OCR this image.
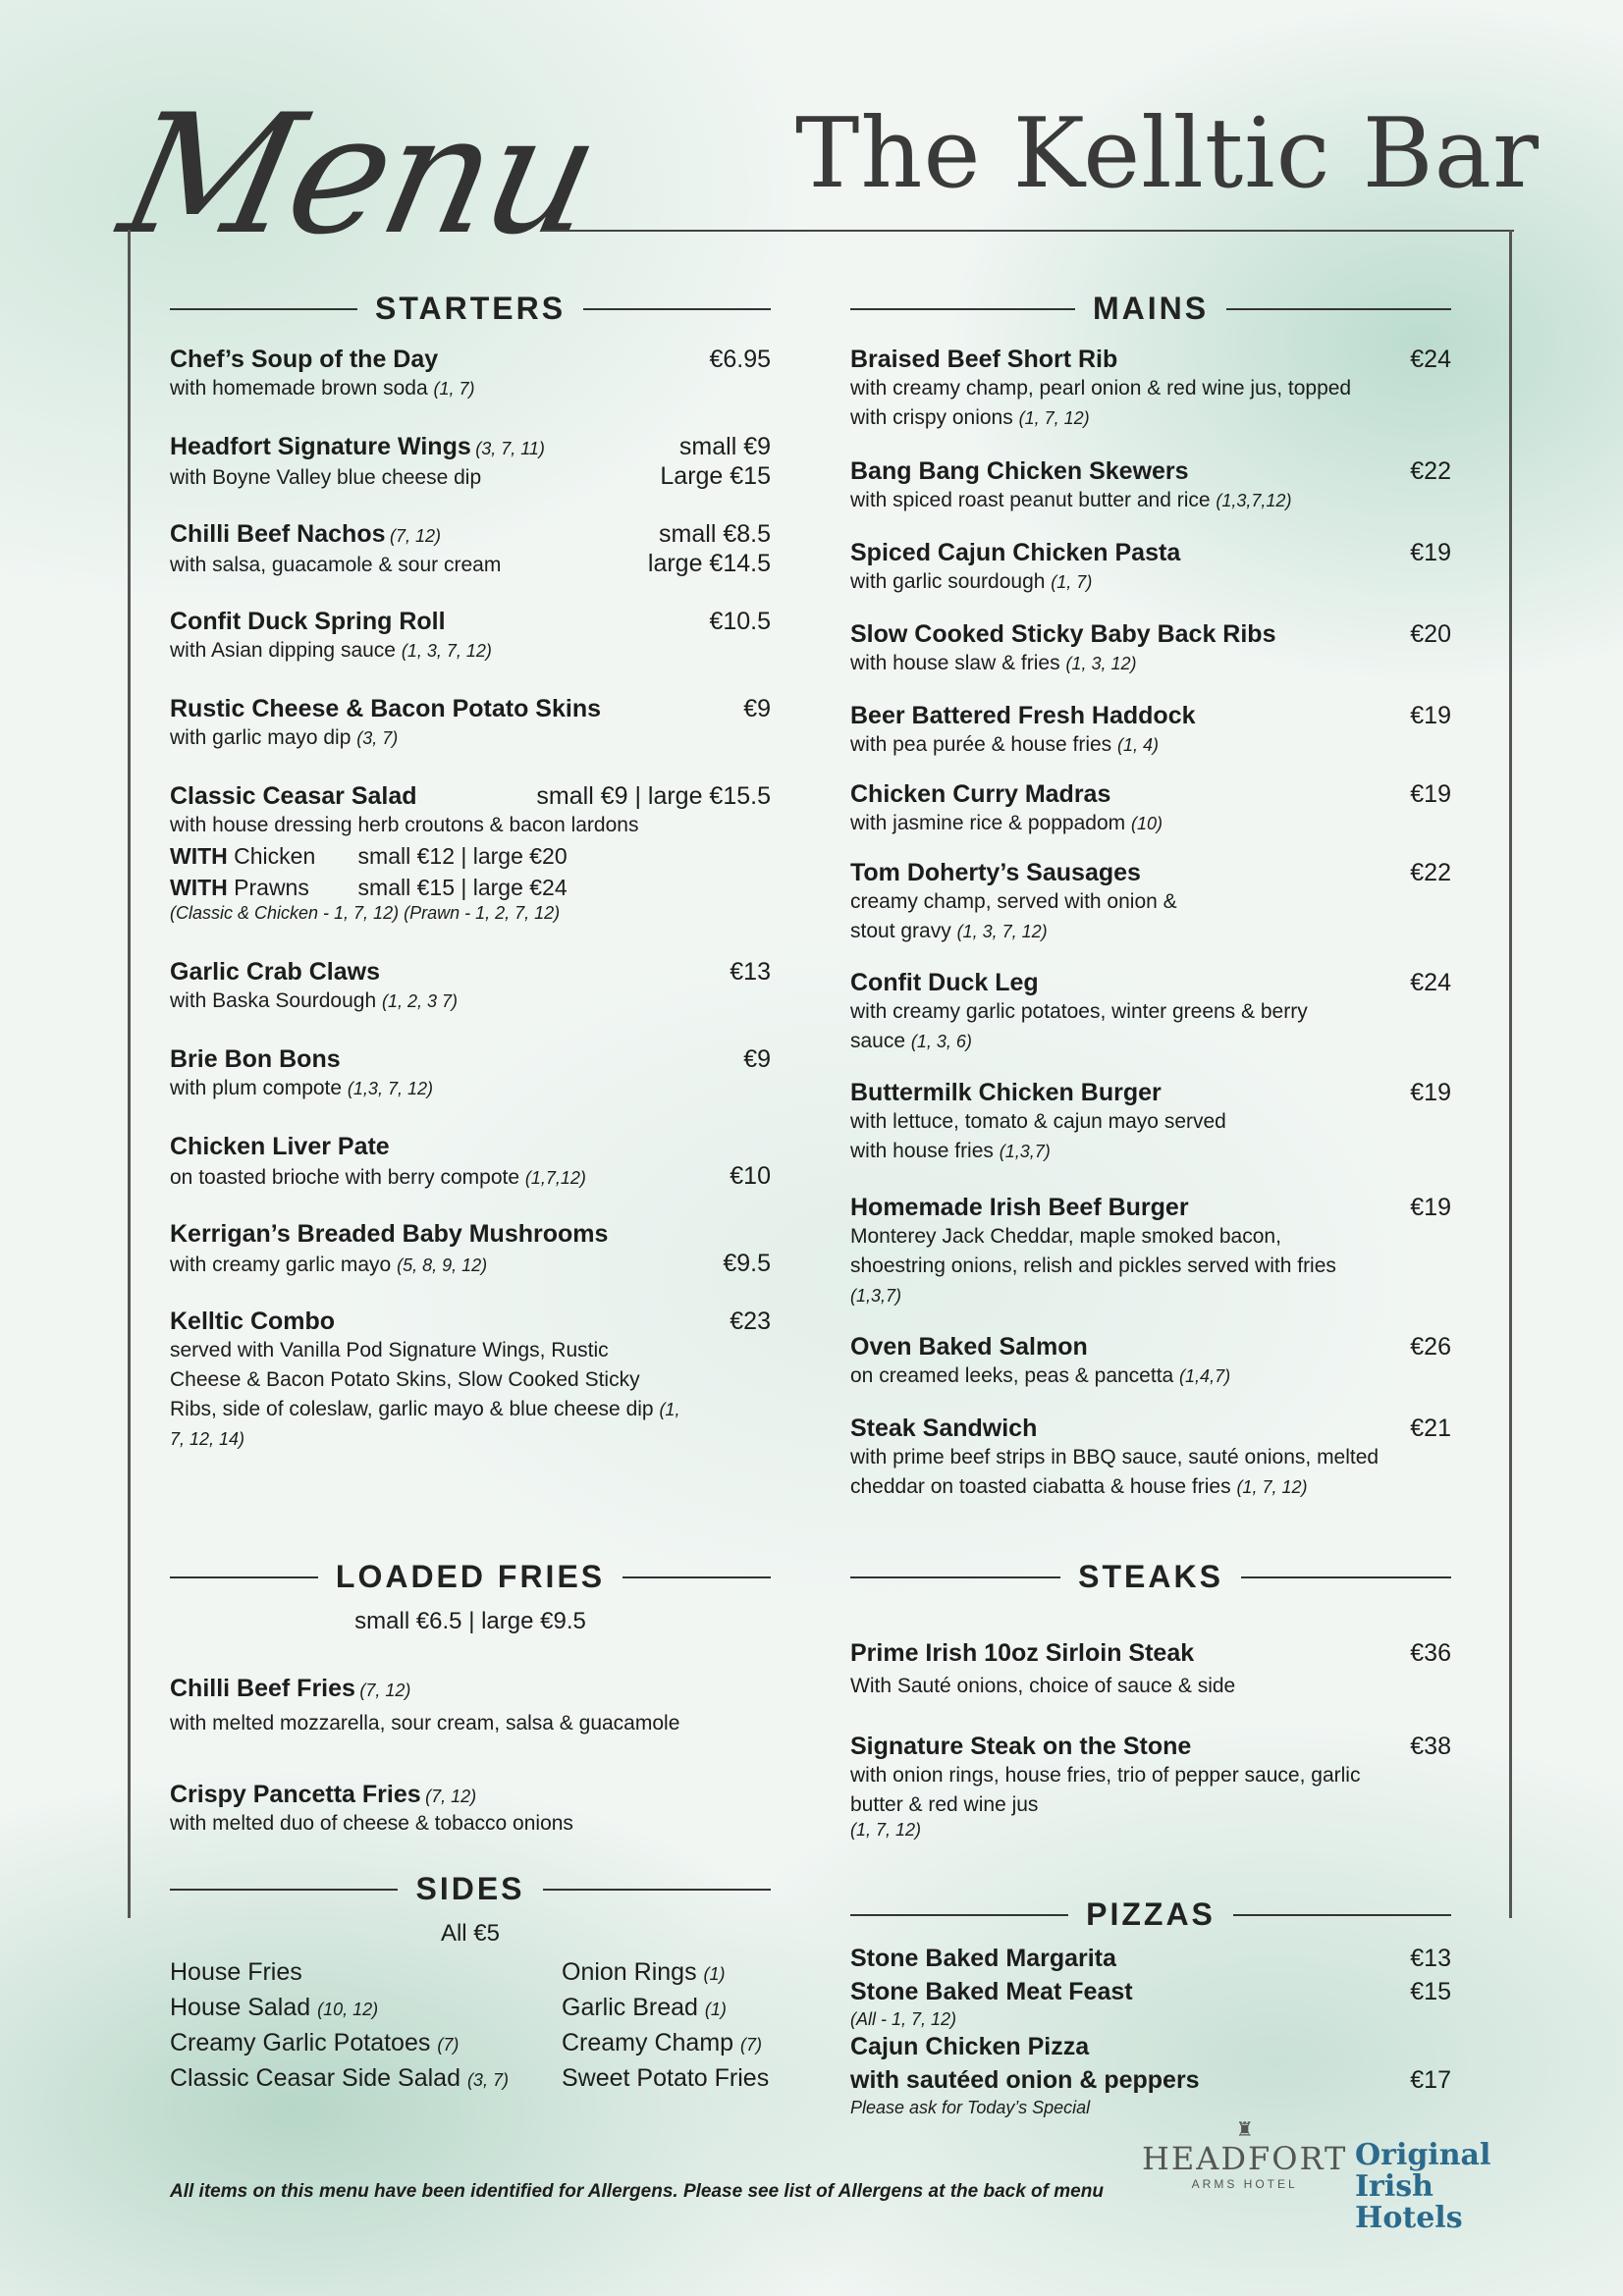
Menu The Kelltic Bar
STARTERS
Chef’s Soup of the Day	€6.95
with homemade brown soda (1, 7)
Headfort Signature Wings (3, 7, 11)	small €9
with Boyne Valley blue cheese dip	Large €15
Chilli Beef Nachos (7, 12)	small €8.5
with salsa, guacamole & sour cream	large €14.5
Confit Duck Spring Roll	€10.5
with Asian dipping sauce (1, 3, 7, 12)
Rustic Cheese & Bacon Potato Skins	€9
with garlic mayo dip (3, 7)
Classic Ceasar Salad	small €9 | large €15.5
with house dressing herb croutons & bacon lardons
WITH Chicken small €12 | large €20
WITH Prawns small €15 | large €24
(Classic & Chicken - 1, 7, 12) (Prawn - 1, 2, 7, 12)
Garlic Crab Claws	€13
with Baska Sourdough (1, 2, 3 7)
Brie Bon Bons	€9
with plum compote (1,3, 7, 12)
Chicken Liver Pate
on toasted brioche with berry compote (1,7,12)	€10
Kerrigan’s Breaded Baby Mushrooms
with creamy garlic mayo (5, 8, 9, 12)	€9.5
Kelltic Combo	€23
served with Vanilla Pod Signature Wings, Rustic Cheese & Bacon Potato Skins, Slow Cooked Sticky Ribs, side of coleslaw, garlic mayo & blue cheese dip (1, 7, 12, 14)
LOADED FRIES
small €6.5 | large €9.5
Chilli Beef Fries (7, 12)
with melted mozzarella, sour cream, salsa & guacamole
Crispy Pancetta Fries (7, 12)
with melted duo of cheese & tobacco onions
SIDES
All €5
House Fries
House Salad (10, 12)
Creamy Garlic Potatoes (7)
Classic Ceasar Side Salad (3, 7)
Onion Rings (1)
Garlic Bread (1)
Creamy Champ (7)
Sweet Potato Fries
MAINS
Braised Beef Short Rib	€24
with creamy champ, pearl onion & red wine jus, topped with crispy onions (1, 7, 12)
Bang Bang Chicken Skewers	€22
with spiced roast peanut butter and rice (1,3,7,12)
Spiced Cajun Chicken Pasta	€19
with garlic sourdough (1, 7)
Slow Cooked Sticky Baby Back Ribs	€20
with house slaw & fries (1, 3, 12)
Beer Battered Fresh Haddock	€19
with pea purée & house fries (1, 4)
Chicken Curry Madras	€19
with jasmine rice & poppadom (10)
Tom Doherty’s Sausages	€22
creamy champ, served with onion & stout gravy (1, 3, 7, 12)
Confit Duck Leg	€24
with creamy garlic potatoes, winter greens & berry sauce (1, 3, 6)
Buttermilk Chicken Burger	€19
with lettuce, tomato & cajun mayo served with house fries (1,3,7)
Homemade Irish Beef Burger	€19
Monterey Jack Cheddar, maple smoked bacon, shoestring onions, relish and pickles served with fries (1,3,7)
Oven Baked Salmon	€26
on creamed leeks, peas & pancetta (1,4,7)
Steak Sandwich	€21
with prime beef strips in BBQ sauce, sauté onions, melted cheddar on toasted ciabatta & house fries (1, 7, 12)
STEAKS
Prime Irish 10oz Sirloin Steak	€36
With Sauté onions, choice of sauce & side
Signature Steak on the Stone	€38
with onion rings, house fries, trio of pepper sauce, garlic butter & red wine jus
(1, 7, 12)
PIZZAS
Stone Baked Margarita	€13
Stone Baked Meat Feast	€15
(All - 1, 7, 12)
Cajun Chicken Pizza
with sautéed onion & peppers	€17
Please ask for Today’s Special
All items on this menu have been identified for Allergens. Please see list of Allergens at the back of menu
♜
HEADFORT
ARMS HOTEL
Original
Irish
Hotels
